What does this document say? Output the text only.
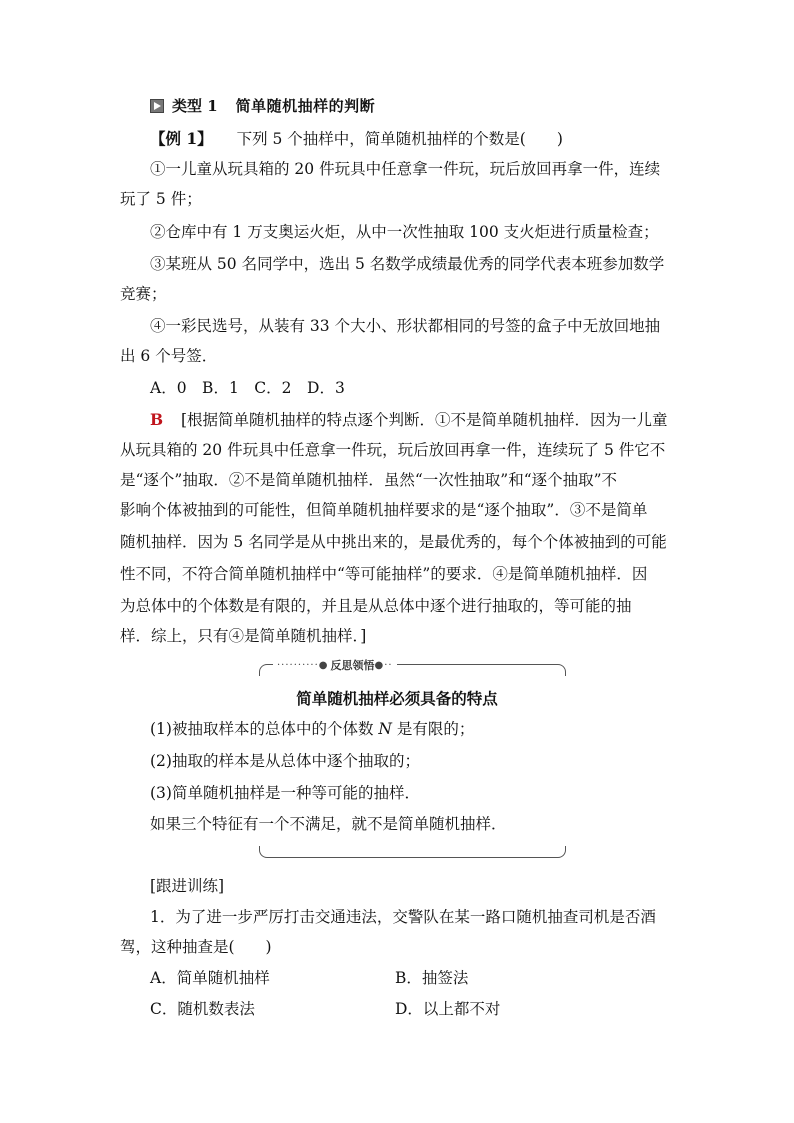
类型 1 简单随机抽样的判断
【例 1】 下列 5 个抽样中，简单随机抽样的个数是(　　)
①一儿童从玩具箱的 20 件玩具中任意拿一件玩，玩后放回再拿一件，连续
玩了 5 件；
②仓库中有 1 万支奥运火炬，从中一次性抽取 100 支火炬进行质量检查；
③某班从 50 名同学中，选出 5 名数学成绩最优秀的同学代表本班参加数学
竞赛；
④一彩民选号，从装有 33 个大小、形状都相同的号签的盒子中无放回地抽
出 6 个号签．
A．0　B．1　C．2　D．3
B [根据简单随机抽样的特点逐个判断．①不是简单随机抽样．因为一儿童
从玩具箱的 20 件玩具中任意拿一件玩，玩后放回再拿一件，连续玩了 5 件它不
是“逐个”抽取．②不是简单随机抽样．虽然“一次性抽取”和“逐个抽取”不
影响个体被抽到的可能性，但简单随机抽样要求的是“逐个抽取”．③不是简单
随机抽样．因为 5 名同学是从中挑出来的，是最优秀的，每个个体被抽到的可能
性不同，不符合简单随机抽样中“等可能抽样”的要求．④是简单随机抽样．因
为总体中的个体数是有限的，并且是从总体中逐个进行抽取的，等可能的抽
样．综上，只有④是简单随机抽样．]
··········● 反思领悟 ●··
简单随机抽样必须具备的特点
(1)被抽取样本的总体中的个体数 N 是有限的；
(2)抽取的样本是从总体中逐个抽取的；
(3)简单随机抽样是一种等可能的抽样．
如果三个特征有一个不满足，就不是简单随机抽样．
[跟进训练]
1．为了进一步严厉打击交通违法，交警队在某一路口随机抽查司机是否酒
驾，这种抽查是(　　)
A．简单随机抽样	B．抽签法
C．随机数表法	D．以上都不对
